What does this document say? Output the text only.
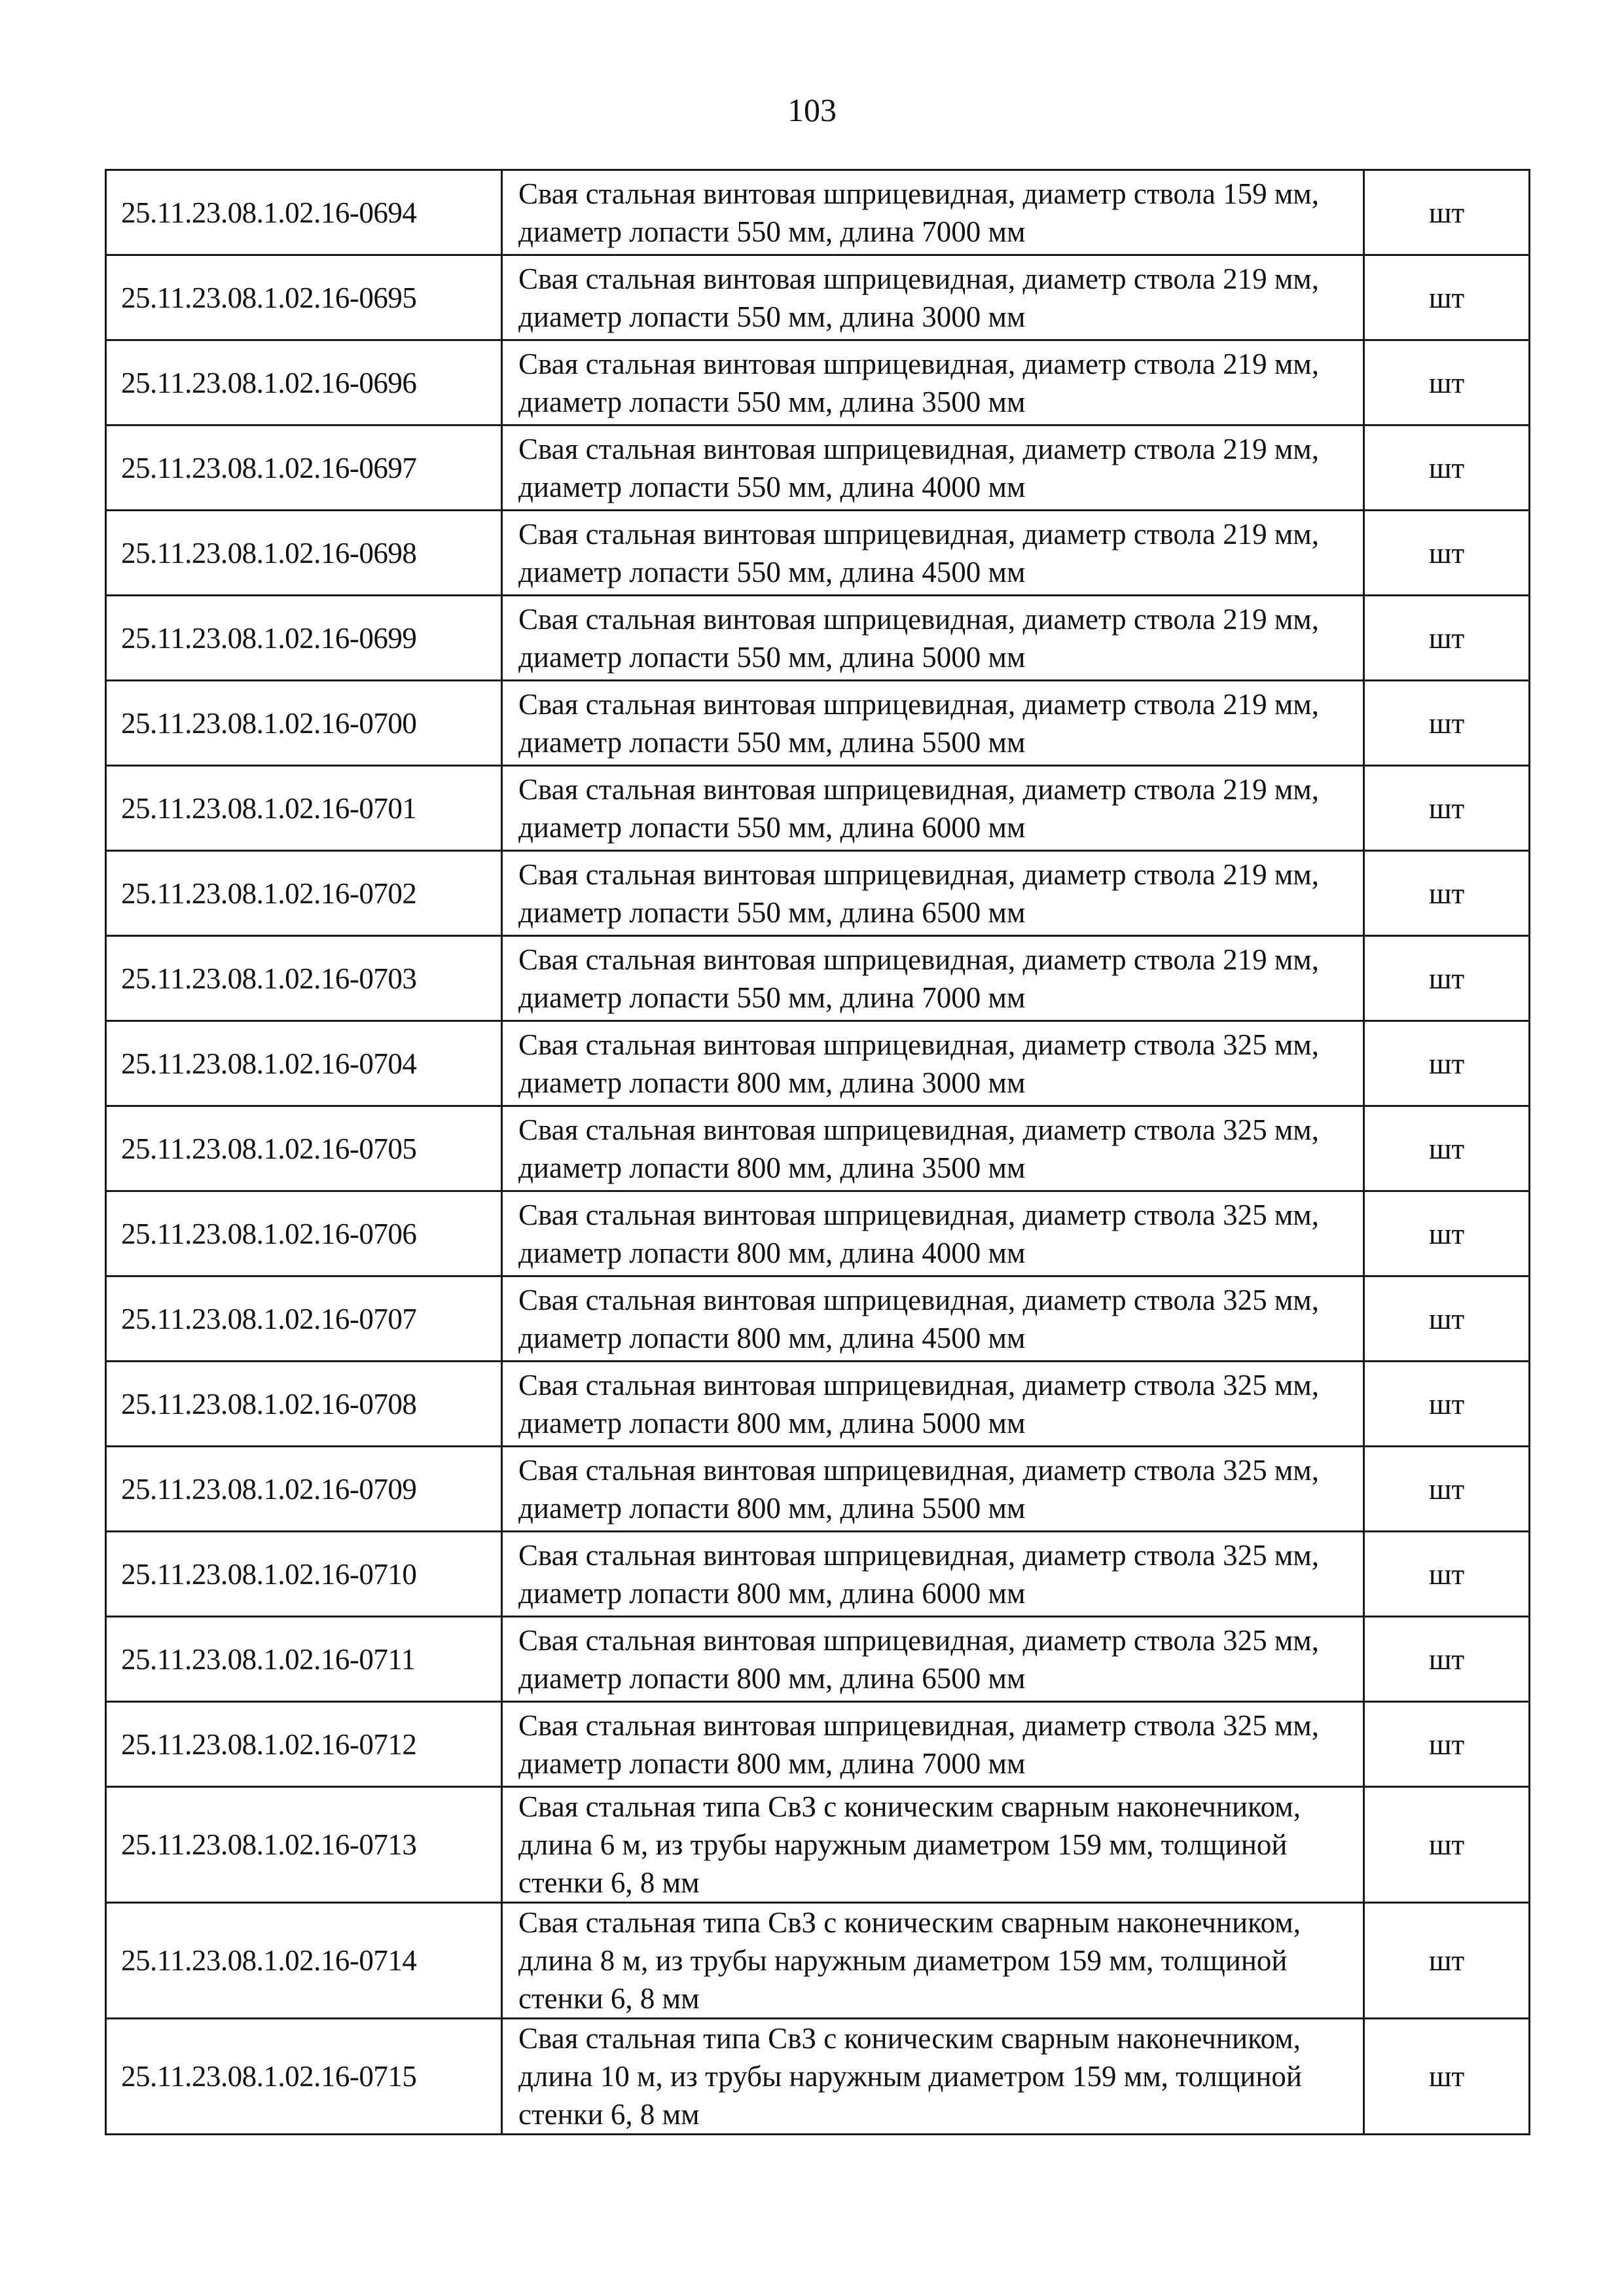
103
25.11.23.08.1.02.16-0694	Свая стальная винтовая шприцевидная, диаметр ствола 159 мм, диаметр лопасти 550 мм, длина 7000 мм	шт
25.11.23.08.1.02.16-0695	Свая стальная винтовая шприцевидная, диаметр ствола 219 мм, диаметр лопасти 550 мм, длина 3000 мм	шт
25.11.23.08.1.02.16-0696	Свая стальная винтовая шприцевидная, диаметр ствола 219 мм, диаметр лопасти 550 мм, длина 3500 мм	шт
25.11.23.08.1.02.16-0697	Свая стальная винтовая шприцевидная, диаметр ствола 219 мм, диаметр лопасти 550 мм, длина 4000 мм	шт
25.11.23.08.1.02.16-0698	Свая стальная винтовая шприцевидная, диаметр ствола 219 мм, диаметр лопасти 550 мм, длина 4500 мм	шт
25.11.23.08.1.02.16-0699	Свая стальная винтовая шприцевидная, диаметр ствола 219 мм, диаметр лопасти 550 мм, длина 5000 мм	шт
25.11.23.08.1.02.16-0700	Свая стальная винтовая шприцевидная, диаметр ствола 219 мм, диаметр лопасти 550 мм, длина 5500 мм	шт
25.11.23.08.1.02.16-0701	Свая стальная винтовая шприцевидная, диаметр ствола 219 мм, диаметр лопасти 550 мм, длина 6000 мм	шт
25.11.23.08.1.02.16-0702	Свая стальная винтовая шприцевидная, диаметр ствола 219 мм, диаметр лопасти 550 мм, длина 6500 мм	шт
25.11.23.08.1.02.16-0703	Свая стальная винтовая шприцевидная, диаметр ствола 219 мм, диаметр лопасти 550 мм, длина 7000 мм	шт
25.11.23.08.1.02.16-0704	Свая стальная винтовая шприцевидная, диаметр ствола 325 мм, диаметр лопасти 800 мм, длина 3000 мм	шт
25.11.23.08.1.02.16-0705	Свая стальная винтовая шприцевидная, диаметр ствола 325 мм, диаметр лопасти 800 мм, длина 3500 мм	шт
25.11.23.08.1.02.16-0706	Свая стальная винтовая шприцевидная, диаметр ствола 325 мм, диаметр лопасти 800 мм, длина 4000 мм	шт
25.11.23.08.1.02.16-0707	Свая стальная винтовая шприцевидная, диаметр ствола 325 мм, диаметр лопасти 800 мм, длина 4500 мм	шт
25.11.23.08.1.02.16-0708	Свая стальная винтовая шприцевидная, диаметр ствола 325 мм, диаметр лопасти 800 мм, длина 5000 мм	шт
25.11.23.08.1.02.16-0709	Свая стальная винтовая шприцевидная, диаметр ствола 325 мм, диаметр лопасти 800 мм, длина 5500 мм	шт
25.11.23.08.1.02.16-0710	Свая стальная винтовая шприцевидная, диаметр ствола 325 мм, диаметр лопасти 800 мм, длина 6000 мм	шт
25.11.23.08.1.02.16-0711	Свая стальная винтовая шприцевидная, диаметр ствола 325 мм, диаметр лопасти 800 мм, длина 6500 мм	шт
25.11.23.08.1.02.16-0712	Свая стальная винтовая шприцевидная, диаметр ствола 325 мм, диаметр лопасти 800 мм, длина 7000 мм	шт
25.11.23.08.1.02.16-0713	Свая стальная типа СвЗ с коническим сварным наконечником, длина 6 м, из трубы наружным диаметром 159 мм, толщиной стенки 6, 8 мм	шт
25.11.23.08.1.02.16-0714	Свая стальная типа СвЗ с коническим сварным наконечником, длина 8 м, из трубы наружным диаметром 159 мм, толщиной стенки 6, 8 мм	шт
25.11.23.08.1.02.16-0715	Свая стальная типа СвЗ с коническим сварным наконечником, длина 10 м, из трубы наружным диаметром 159 мм, толщиной стенки 6, 8 мм	шт
